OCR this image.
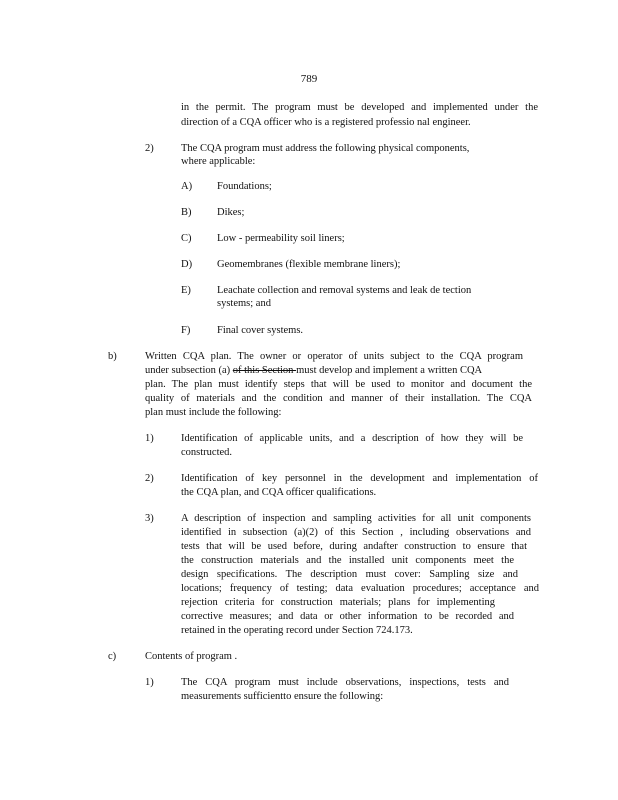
789
in the permit. The program must be developed and implemented under the
direction of a CQA officer who is a registered professio nal engineer.
2)	The CQA program must address the following physical components,
where applicable:
A) Foundations;
B) Dikes;
C) Low - permeability soil liners;
D) Geomembranes (flexible membrane liners);
E) Leachate collection and removal systems and leak de tection
systems; and
F)	Final cover systems.
b)	Written CQA plan. The owner or operator of units subject to the CQA program
under subsection (a) of this Section must develop and implement a written CQA
plan. The plan must identify steps that will be used to monitor and document the
quality of materials and the condition and manner of their installation. The CQA
plan must include the following:
1)	Identification of applicable units, and a description of how they will be
constructed.
2)	Identification of key personnel in the development and implementation of
the CQA plan, and CQA officer qualifications.
3)	A description of inspection and sampling activities for all unit components
identified in subsection (a)(2) of this Section , including observations and
tests that will be used before, during andafter construction to ensure that
the construction materials and the installed unit components meet the
design specifications. The description must cover: Sampling size and
locations; frequency of testing; data evaluation procedures; acceptance and
rejection criteria for construction materials; plans for implementing
corrective measures; and data or other information to be recorded and
retained in the operating record under Section 724.173.
c)	Contents of program .
1)	The CQA program must include observations, inspections, tests and
measurements sufficientto ensure the following:
